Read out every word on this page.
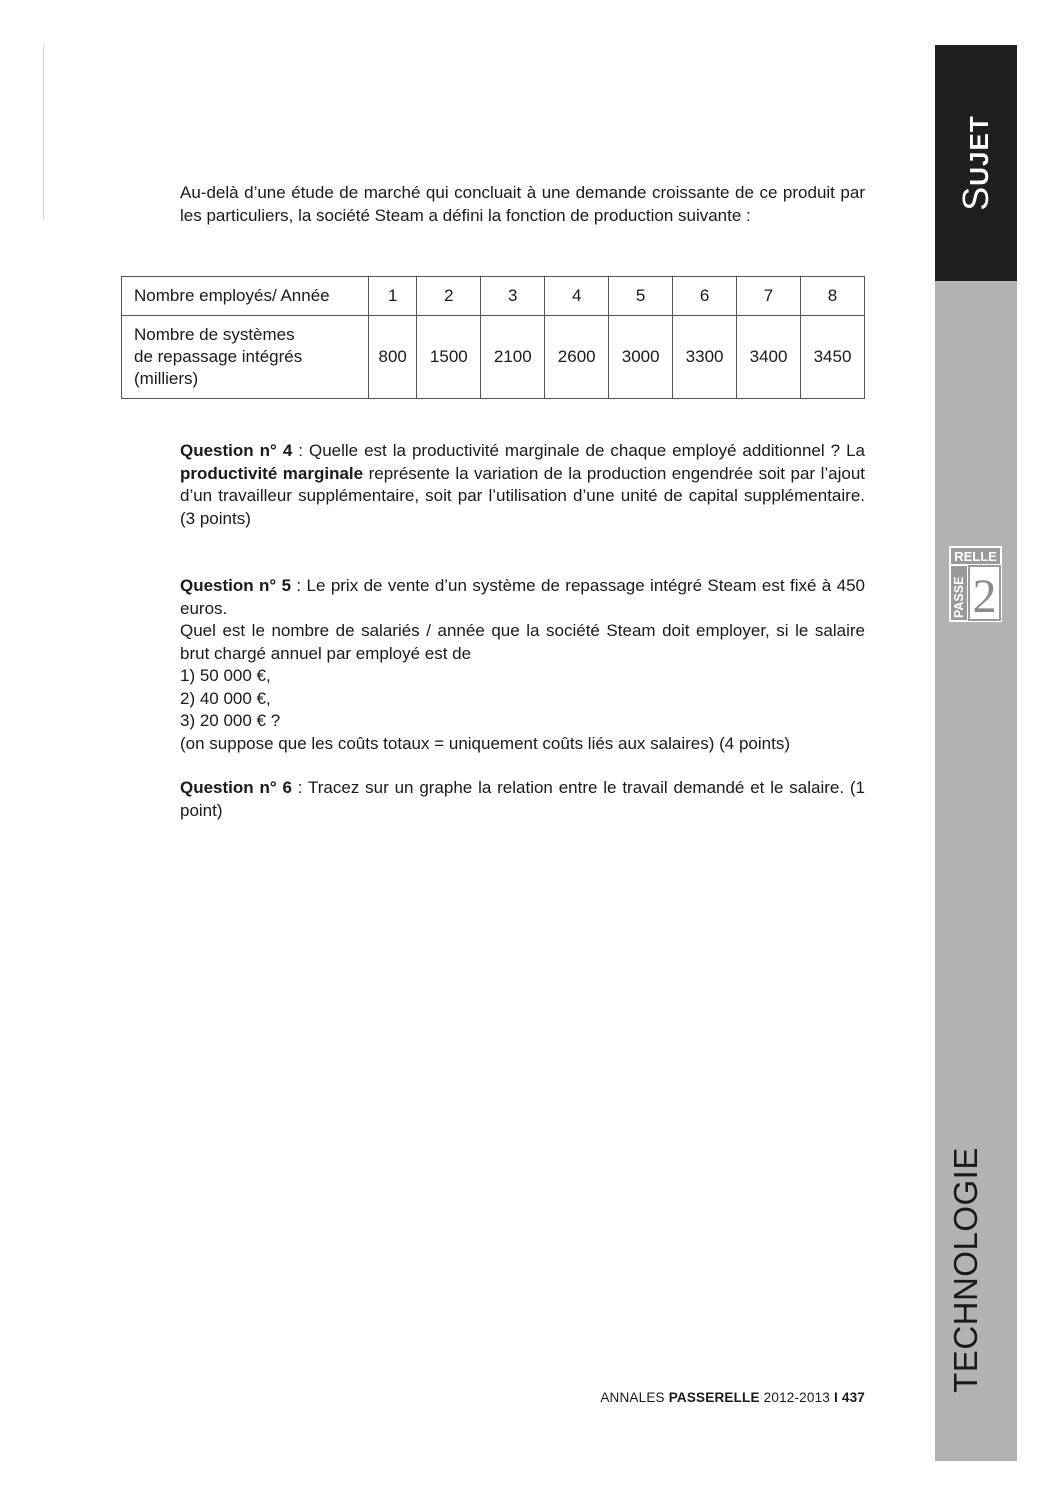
Au-delà d’une étude de marché qui concluait à une demande croissante de ce produit par les particuliers, la société Steam a défini la fonction de production suivante :

Nombre employés/ Année	1	2	3	4	5	6	7	8
Nombre de systèmes
de repassage intégrés
(milliers)	800	1500	2100	2600	3000	3300	3400	3450

Question n° 4 : Quelle est la productivité marginale de chaque employé additionnel ? La productivité marginale représente la variation de la production engendrée soit par l’ajout d’un travailleur supplémentaire, soit par l’utilisation d’une unité de capital supplémentaire. (3 points)

Question n° 5 : Le prix de vente d’un système de repassage intégré Steam est fixé à 450 euros.

Quel est le nombre de salariés / année que la société Steam doit employer, si le salaire brut chargé annuel par employé est de

1) 50 000 €,

2) 40 000 €,

3) 20 000 € ?

(on suppose que les coûts totaux = uniquement coûts liés aux salaires) (4 points)

Question n° 6 : Tracez sur un graphe la relation entre le travail demandé et le salaire. (1 point)

ANNALES PASSERELLE 2012-2013 I 437
SUJET
TECHNOLOGIE
RELLE
PASSE 2
